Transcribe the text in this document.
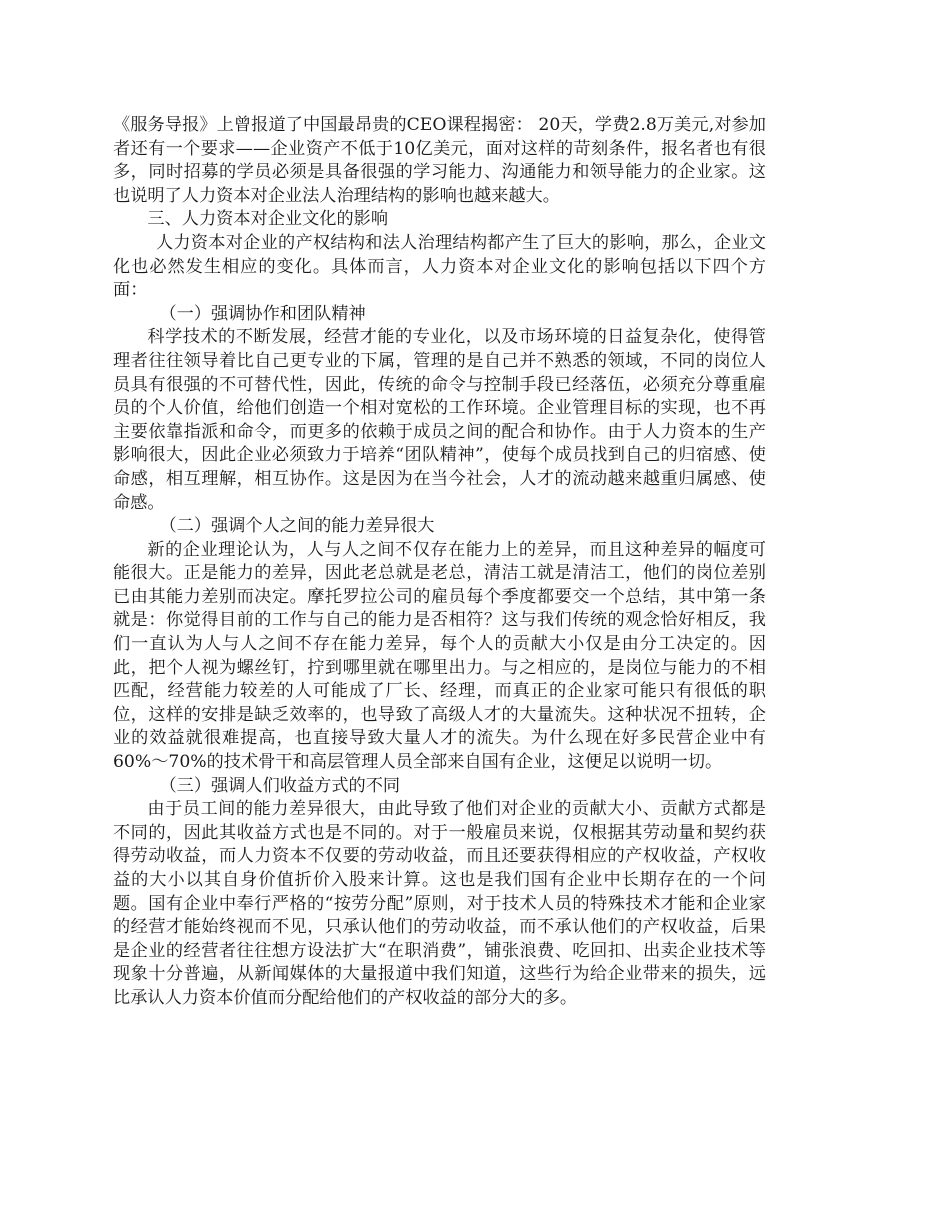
《服务导报》上曾报道了中国最昂贵的CEO课程揭密： 20天，学费2.8万美元,对参加者还有一个要求——企业资产不低于10亿美元，面对这样的苛刻条件，报名者也有很多，同时招募的学员必须是具备很强的学习能力、沟通能力和领导能力的企业家。这也说明了人力资本对企业法人治理结构的影响也越来越大。

三、人力资本对企业文化的影响

人力资本对企业的产权结构和法人治理结构都产生了巨大的影响，那么，企业文化也必然发生相应的变化。具体而言，人力资本对企业文化的影响包括以下四个方面：

（一）强调协作和团队精神

科学技术的不断发展，经营才能的专业化，以及市场环境的日益复杂化，使得管理者往往领导着比自己更专业的下属，管理的是自己并不熟悉的领域，不同的岗位人员具有很强的不可替代性，因此，传统的命令与控制手段已经落伍，必须充分尊重雇员的个人价值，给他们创造一个相对宽松的工作环境。企业管理目标的实现，也不再主要依靠指派和命令，而更多的依赖于成员之间的配合和协作。由于人力资本的生产影响很大，因此企业必须致力于培养“团队精神”，使每个成员找到自己的归宿感、使命感，相互理解，相互协作。这是因为在当今社会，人才的流动越来越重归属感、使命感。

（二）强调个人之间的能力差异很大

新的企业理论认为，人与人之间不仅存在能力上的差异，而且这种差异的幅度可能很大。正是能力的差异，因此老总就是老总，清洁工就是清洁工，他们的岗位差别已由其能力差别而决定。摩托罗拉公司的雇员每个季度都要交一个总结，其中第一条就是：你觉得目前的工作与自己的能力是否相符？这与我们传统的观念恰好相反，我们一直认为人与人之间不存在能力差异，每个人的贡献大小仅是由分工决定的。因此，把个人视为螺丝钉，拧到哪里就在哪里出力。与之相应的，是岗位与能力的不相匹配，经营能力较差的人可能成了厂长、经理，而真正的企业家可能只有很低的职位，这样的安排是缺乏效率的，也导致了高级人才的大量流失。这种状况不扭转，企业的效益就很难提高，也直接导致大量人才的流失。为什么现在好多民营企业中有60%～70%的技术骨干和高层管理人员全部来自国有企业，这便足以说明一切。

（三）强调人们收益方式的不同

由于员工间的能力差异很大，由此导致了他们对企业的贡献大小、贡献方式都是不同的，因此其收益方式也是不同的。对于一般雇员来说，仅根据其劳动量和契约获得劳动收益，而人力资本不仅要的劳动收益，而且还要获得相应的产权收益，产权收益的大小以其自身价值折价入股来计算。这也是我们国有企业中长期存在的一个问题。国有企业中奉行严格的“按劳分配”原则，对于技术人员的特殊技术才能和企业家的经营才能始终视而不见，只承认他们的劳动收益，而不承认他们的产权收益，后果是企业的经营者往往想方设法扩大“在职消费”，铺张浪费、吃回扣、出卖企业技术等现象十分普遍，从新闻媒体的大量报道中我们知道，这些行为给企业带来的损失，远比承认人力资本价值而分配给他们的产权收益的部分大的多。
